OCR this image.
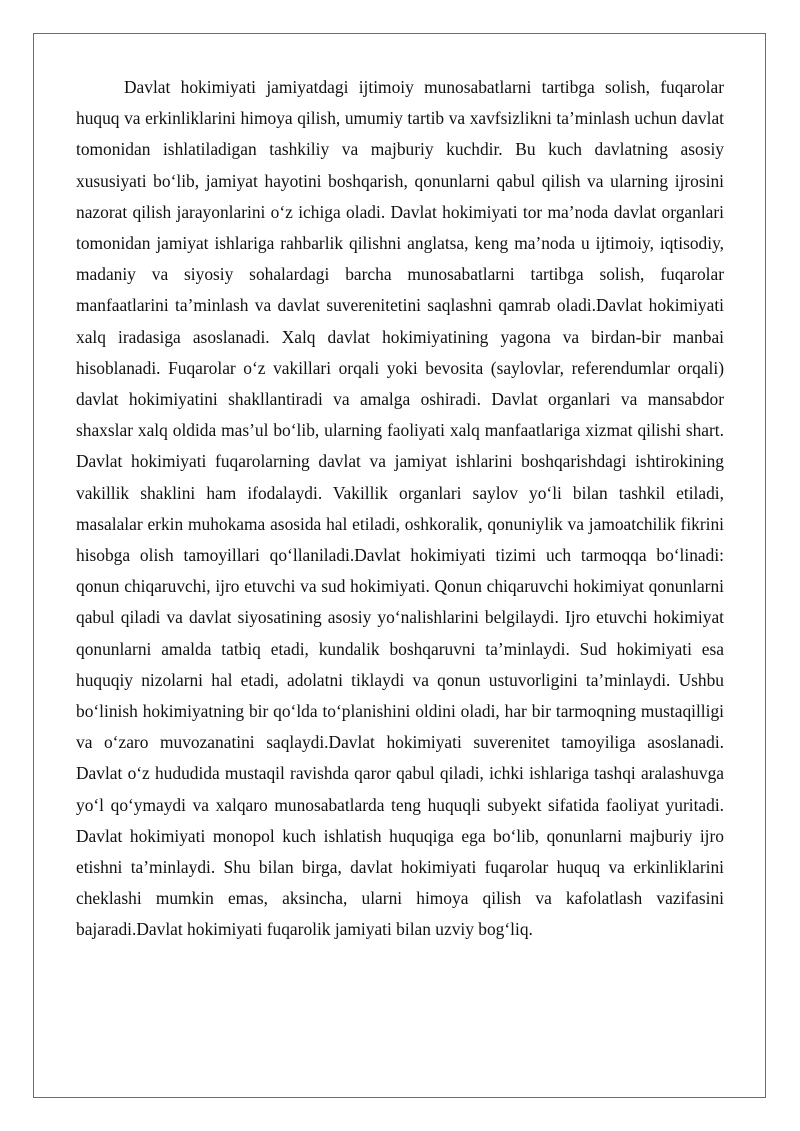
Davlat hokimiyati jamiyatdagi ijtimoiy munosabatlarni tartibga solish, fuqarolar huquq va erkinliklarini himoya qilish, umumiy tartib va xavfsizlikni ta’minlash uchun davlat tomonidan ishlatiladigan tashkiliy va majburiy kuchdir. Bu kuch davlatning asosiy xususiyati bo‘lib, jamiyat hayotini boshqarish, qonunlarni qabul qilish va ularning ijrosini nazorat qilish jarayonlarini o‘z ichiga oladi. Davlat hokimiyati tor ma’noda davlat organlari tomonidan jamiyat ishlariga rahbarlik qilishni anglatsa, keng ma’noda u ijtimoiy, iqtisodiy, madaniy va siyosiy sohalardagi barcha munosabatlarni tartibga solish, fuqarolar manfaatlarini ta’minlash va davlat suverenitetini saqlashni qamrab oladi.Davlat hokimiyati xalq iradasiga asoslanadi. Xalq davlat hokimiyatining yagona va birdan-bir manbai hisoblanadi. Fuqarolar o‘z vakillari orqali yoki bevosita (saylovlar, referendumlar orqali) davlat hokimiyatini shakllantiradi va amalga oshiradi. Davlat organlari va mansabdor shaxslar xalq oldida mas’ul bo‘lib, ularning faoliyati xalq manfaatlariga xizmat qilishi shart. Davlat hokimiyati fuqarolarning davlat va jamiyat ishlarini boshqarishdagi ishtirokining vakillik shaklini ham ifodalaydi. Vakillik organlari saylov yo‘li bilan tashkil etiladi, masalalar erkin muhokama asosida hal etiladi, oshkoralik, qonuniylik va jamoatchilik fikrini hisobga olish tamoyillari qo‘llaniladi.Davlat hokimiyati tizimi uch tarmoqqa bo‘linadi: qonun chiqaruvchi, ijro etuvchi va sud hokimiyati. Qonun chiqaruvchi hokimiyat qonunlarni qabul qiladi va davlat siyosatining asosiy yo‘nalishlarini belgilaydi. Ijro etuvchi hokimiyat qonunlarni amalda tatbiq etadi, kundalik boshqaruvni ta’minlaydi. Sud hokimiyati esa huquqiy nizolarni hal etadi, adolatni tiklaydi va qonun ustuvorligini ta’minlaydi. Ushbu bo‘linish hokimiyatning bir qo‘lda to‘planishini oldini oladi, har bir tarmoqning mustaqilligi va o‘zaro muvozanatini saqlaydi.Davlat hokimiyati suverenitet tamoyiliga asoslanadi. Davlat o‘z hududida mustaqil ravishda qaror qabul qiladi, ichki ishlariga tashqi aralashuvga yo‘l qo‘ymaydi va xalqaro munosabatlarda teng huquqli subyekt sifatida faoliyat yuritadi. Davlat hokimiyati monopol kuch ishlatish huquqiga ega bo‘lib, qonunlarni majburiy ijro etishni ta’minlaydi. Shu bilan birga, davlat hokimiyati fuqarolar huquq va erkinliklarini cheklashi mumkin emas, aksincha, ularni himoya qilish va kafolatlash vazifasini bajaradi.Davlat hokimiyati fuqarolik jamiyati bilan uzviy bog‘liq.
